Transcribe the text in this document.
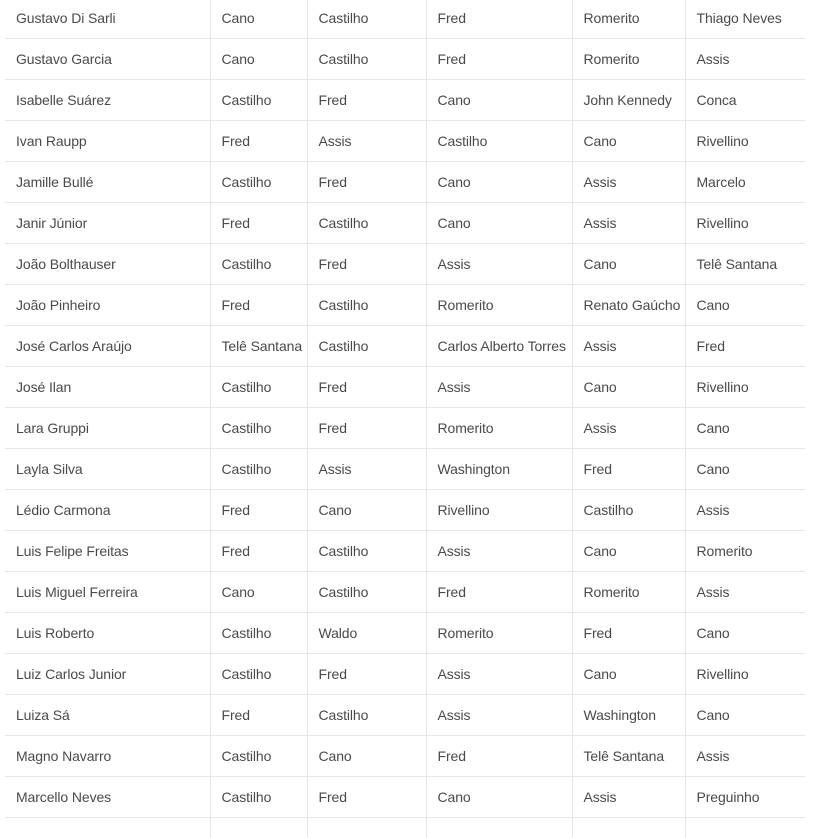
Gustavo Di Sarli	Cano	Castilho	Fred	Romerito	Thiago Neves
Gustavo Garcia	Cano	Castilho	Fred	Romerito	Assis
Isabelle Suárez	Castilho	Fred	Cano	John Kennedy	Conca
Ivan Raupp	Fred	Assis	Castilho	Cano	Rivellino
Jamille Bullé	Castilho	Fred	Cano	Assis	Marcelo
Janir Júnior	Fred	Castilho	Cano	Assis	Rivellino
João Bolthauser	Castilho	Fred	Assis	Cano	Telê Santana
João Pinheiro	Fred	Castilho	Romerito	Renato Gaúcho	Cano
José Carlos Araújo	Telê Santana	Castilho	Carlos Alberto Torres	Assis	Fred
José Ilan	Castilho	Fred	Assis	Cano	Rivellino
Lara Gruppi	Castilho	Fred	Romerito	Assis	Cano
Layla Silva	Castilho	Assis	Washington	Fred	Cano
Lédio Carmona	Fred	Cano	Rivellino	Castilho	Assis
Luis Felipe Freitas	Fred	Castilho	Assis	Cano	Romerito
Luis Miguel Ferreira	Cano	Castilho	Fred	Romerito	Assis
Luis Roberto	Castilho	Waldo	Romerito	Fred	Cano
Luiz Carlos Junior	Castilho	Fred	Assis	Cano	Rivellino
Luiza Sá	Fred	Castilho	Assis	Washington	Cano
Magno Navarro	Castilho	Cano	Fred	Telê Santana	Assis
Marcello Neves	Castilho	Fred	Cano	Assis	Preguinho
